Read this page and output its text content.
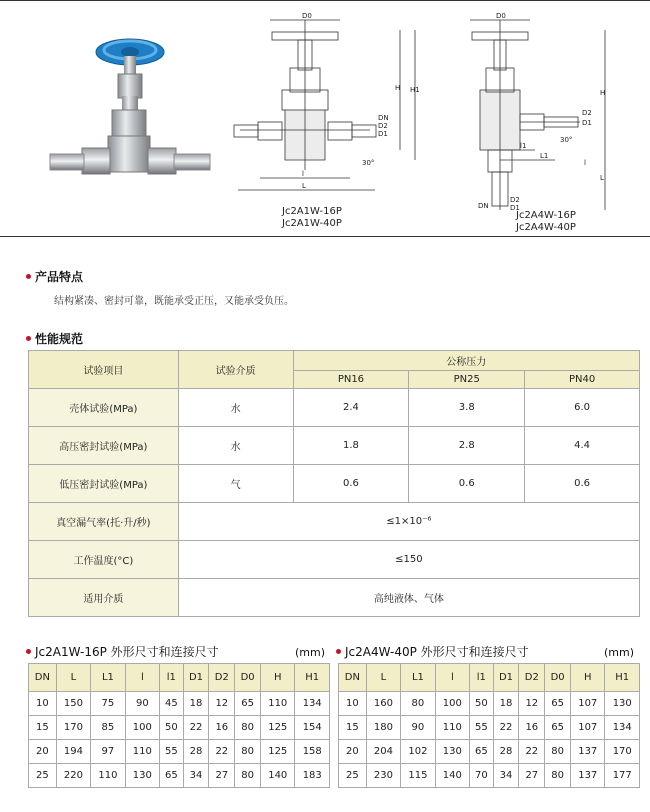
D0
H H1
DN
D2
D1
l
L
30°
Jc2A1W-16P
Jc2A1W-40P
D0
H
D2
D1
l1
L1
30°
l
L
DN
D2
D1
Jc2A4W-16P
Jc2A4W-40P
产品特点
结构紧凑、密封可靠，既能承受正压，又能承受负压。
性能规范
试验项目	试验介质	公称压力		
		PN16	PN25	PN40
壳体试验(MPa)	水	2.4	3.8	6.0
高压密封试验(MPa)	水	1.8	2.8	4.4
低压密封试验(MPa)	气	0.6	0.6	0.6
真空漏气率(托·升/秒)	≤1×10⁻⁶			
工作温度(°C)	≤150			
适用介质	高纯液体、气体			
Jc2A1W-16P 外形尺寸和连接尺寸	(mm)	Jc2A4W-40P 外形尺寸和连接尺寸	(mm)
DN	L	L1	l	l1	D1	D2	D0	H	H1
10	150	75	90	45	18	12	65	110	134
15	170	85	100	50	22	16	80	125	154
20	194	97	110	55	28	22	80	125	158
25	220	110	130	65	34	27	80	140	183
DN	L	L1	l	l1	D1	D2	D0	H	H1
10	160	80	100	50	18	12	65	107	130
15	180	90	110	55	22	16	65	107	134
20	204	102	130	65	28	22	80	137	170
25	230	115	140	70	34	27	80	137	177
